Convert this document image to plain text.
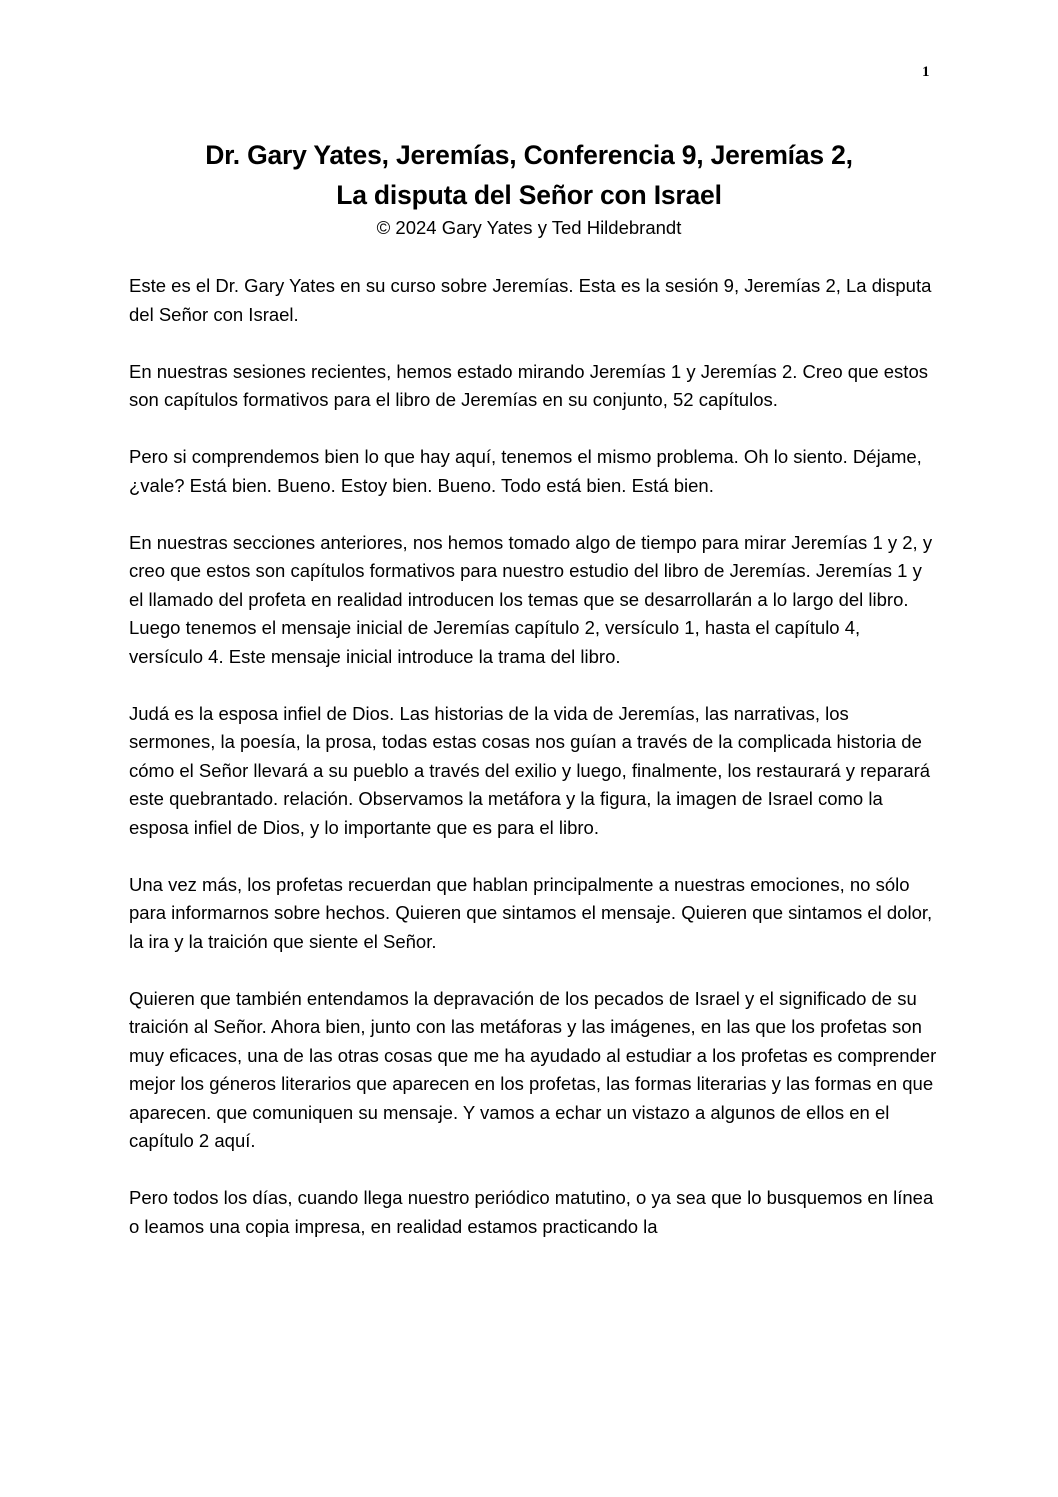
1
Dr. Gary Yates, Jeremías, Conferencia 9, Jeremías 2,
La disputa del Señor con Israel
© 2024 Gary Yates y Ted Hildebrandt

Este es el Dr. Gary Yates en su curso sobre Jeremías. Esta es la sesión 9, Jeremías 2, La disputa del Señor con Israel.

En nuestras sesiones recientes, hemos estado mirando Jeremías 1 y Jeremías 2. Creo que estos son capítulos formativos para el libro de Jeremías en su conjunto, 52 capítulos.

Pero si comprendemos bien lo que hay aquí, tenemos el mismo problema. Oh lo siento. Déjame, ¿vale? Está bien. Bueno. Estoy bien. Bueno. Todo está bien. Está bien.

En nuestras secciones anteriores, nos hemos tomado algo de tiempo para mirar Jeremías 1 y 2, y creo que estos son capítulos formativos para nuestro estudio del libro de Jeremías. Jeremías 1 y el llamado del profeta en realidad introducen los temas que se desarrollarán a lo largo del libro. Luego tenemos el mensaje inicial de Jeremías capítulo 2, versículo 1, hasta el capítulo 4, versículo 4. Este mensaje inicial introduce la trama del libro.

Judá es la esposa infiel de Dios. Las historias de la vida de Jeremías, las narrativas, los sermones, la poesía, la prosa, todas estas cosas nos guían a través de la complicada historia de cómo el Señor llevará a su pueblo a través del exilio y luego, finalmente, los restaurará y reparará este quebrantado. relación. Observamos la metáfora y la figura, la imagen de Israel como la esposa infiel de Dios, y lo importante que es para el libro.

Una vez más, los profetas recuerdan que hablan principalmente a nuestras emociones, no sólo para informarnos sobre hechos. Quieren que sintamos el mensaje. Quieren que sintamos el dolor, la ira y la traición que siente el Señor.

Quieren que también entendamos la depravación de los pecados de Israel y el significado de su traición al Señor. Ahora bien, junto con las metáforas y las imágenes, en las que los profetas son muy eficaces, una de las otras cosas que me ha ayudado al estudiar a los profetas es comprender mejor los géneros literarios que aparecen en los profetas, las formas literarias y las formas en que aparecen. que comuniquen su mensaje. Y vamos a echar un vistazo a algunos de ellos en el capítulo 2 aquí.

Pero todos los días, cuando llega nuestro periódico matutino, o ya sea que lo busquemos en línea o leamos una copia impresa, en realidad estamos practicando la
